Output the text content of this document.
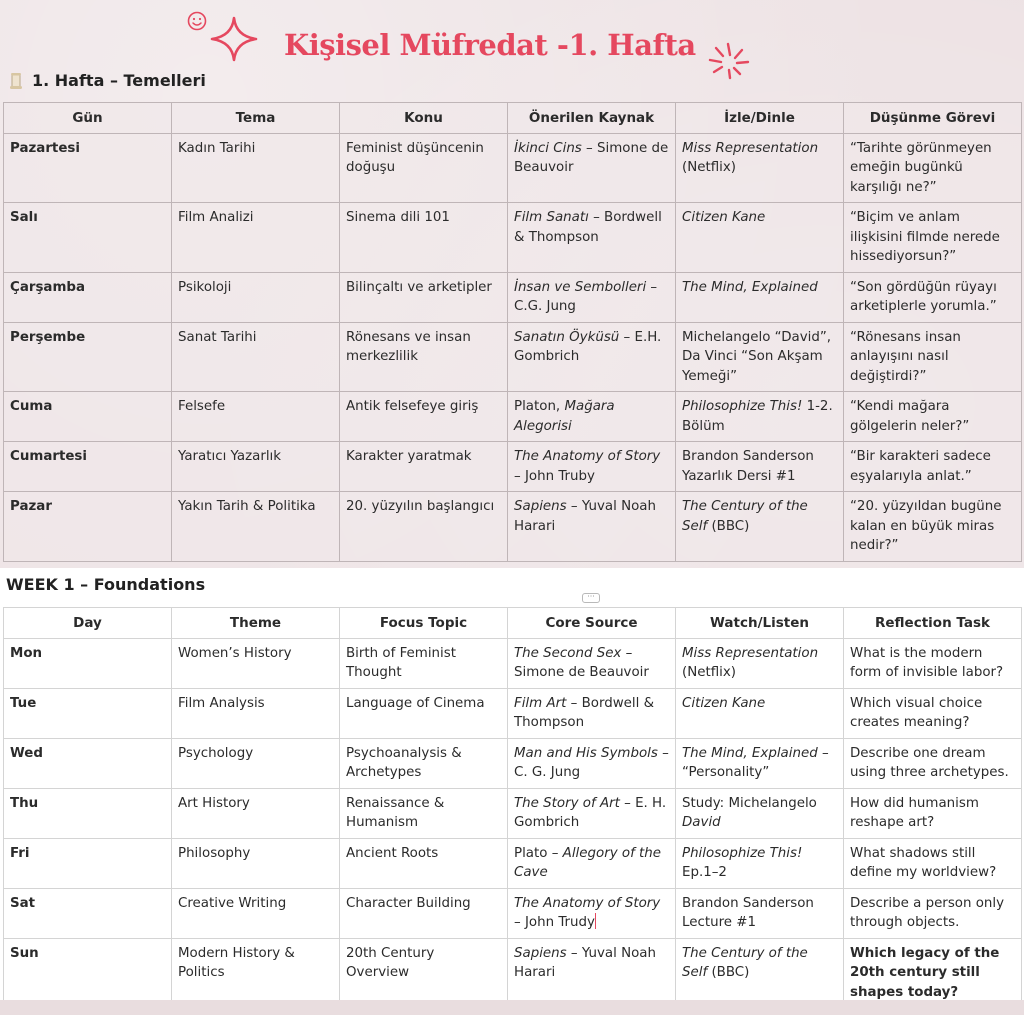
Kişisel Müfredat -1. Hafta
1. Hafta – Temelleri
Gün	Tema	Konu	Önerilen Kaynak	İzle/Dinle	Düşünme Görevi
Pazartesi	Kadın Tarihi	Feminist düşüncenin doğuşu	İkinci Cins – Simone de Beauvoir	Miss Representation (Netflix)	“Tarihte görünmeyen emeğin bugünkü karşılığı ne?”
Salı	Film Analizi	Sinema dili 101	Film Sanatı – Bordwell & Thompson	Citizen Kane	“Biçim ve anlam ilişkisini filmde nerede hissediyorsun?”
Çarşamba	Psikoloji	Bilinçaltı ve arketipler	İnsan ve Sembolleri – C.G. Jung	The Mind, Explained	“Son gördüğün rüyayı arketiplerle yorumla.”
Perşembe	Sanat Tarihi	Rönesans ve insan merkezlilik	Sanatın Öyküsü – E.H. Gombrich	Michelangelo “David”, Da Vinci “Son Akşam Yemeği”	“Rönesans insan anlayışını nasıl değiştirdi?”
Cuma	Felsefe	Antik felsefeye giriş	Platon, Mağara Alegorisi	Philosophize This! 1-2. Bölüm	“Kendi mağara gölgelerin neler?”
Cumartesi	Yaratıcı Yazarlık	Karakter yaratmak	The Anatomy of Story – John Truby	Brandon Sanderson Yazarlık Dersi #1	“Bir karakteri sadece eşyalarıyla anlat.”
Pazar	Yakın Tarih & Politika	20. yüzyılın başlangıcı	Sapiens – Yuval Noah Harari	The Century of the Self (BBC)	“20. yüzyıldan bugüne kalan en büyük miras nedir?”
WEEK 1 – Foundations
···
Day	Theme	Focus Topic	Core Source	Watch/Listen	Reflection Task
Mon	Women’s History	Birth of Feminist Thought	The Second Sex – Simone de Beauvoir	Miss Representation (Netflix)	What is the modern form of invisible labor?
Tue	Film Analysis	Language of Cinema	Film Art – Bordwell & Thompson	Citizen Kane	Which visual choice creates meaning?
Wed	Psychology	Psychoanalysis & Archetypes	Man and His Symbols – C. G. Jung	The Mind, Explained – “Personality”	Describe one dream using three archetypes.
Thu	Art History	Renaissance & Humanism	The Story of Art – E. H. Gombrich	Study: Michelangelo David	How did humanism reshape art?
Fri	Philosophy	Ancient Roots	Plato – Allegory of the Cave	Philosophize This! Ep.1–2	What shadows still define my worldview?
Sat	Creative Writing	Character Building	The Anatomy of Story – John Trudy	Brandon Sanderson Lecture #1	Describe a person only through objects.
Sun	Modern History & Politics	20th Century Overview	Sapiens – Yuval Noah Harari	The Century of the Self (BBC)	Which legacy of the 20th century still shapes today?
